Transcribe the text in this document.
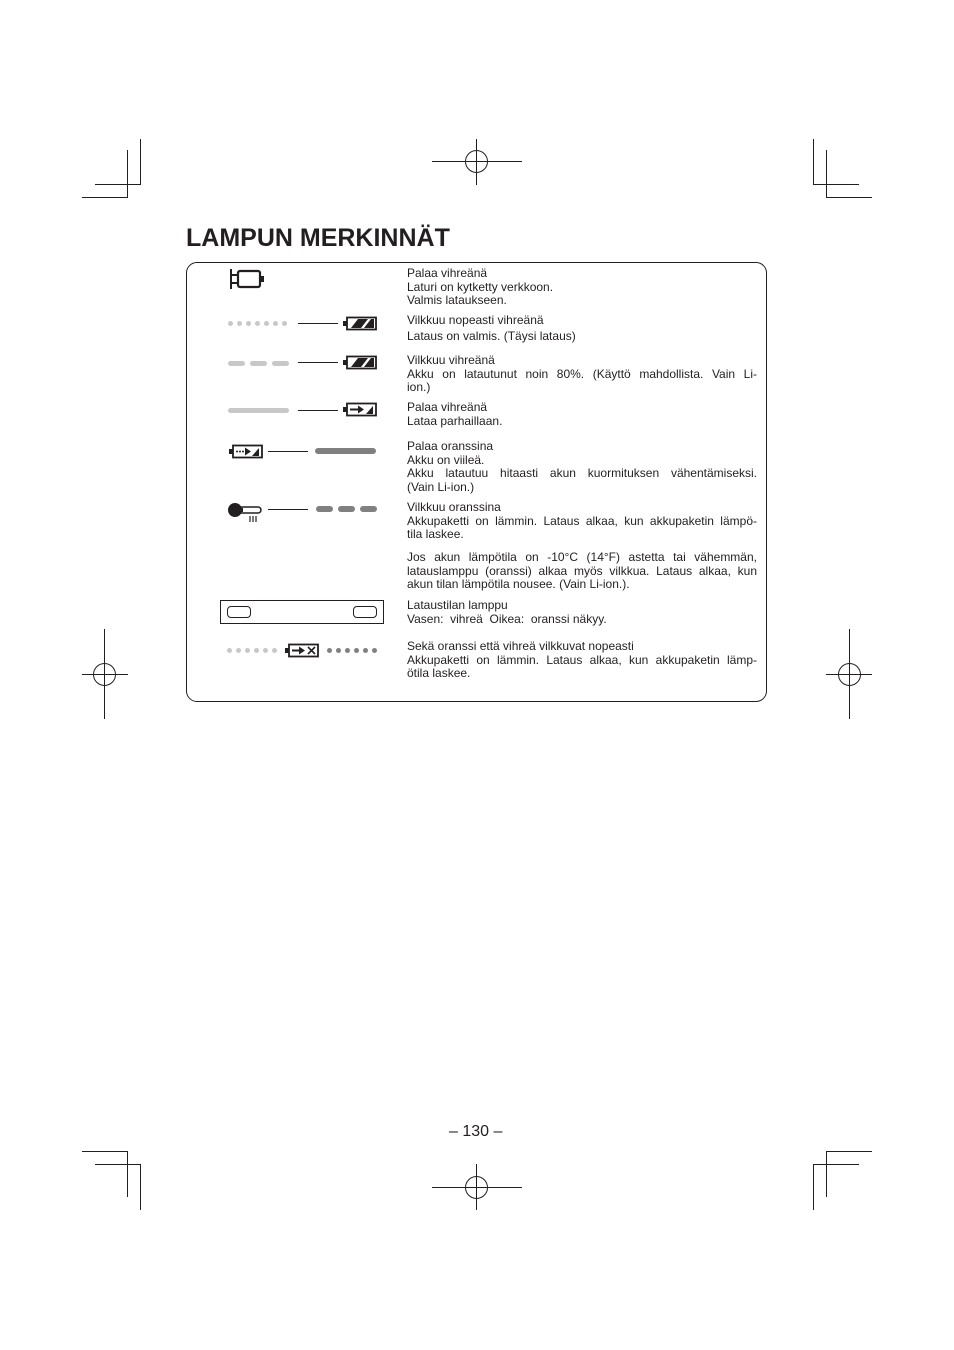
LAMPUN MERKINNÄT
Palaa vihreänä
Laturi on kytketty verkkoon.
Valmis lataukseen.
Vilkkuu nopeasti vihreänä
Lataus on valmis. (Täysi lataus)
Vilkkuu vihreänä
Akku on latautunut noin 80%. (Käyttö mahdollista. Vain Li-
ion.)
Palaa vihreänä
Lataa parhaillaan.
Palaa oranssina
Akku on viileä.
Akku latautuu hitaasti akun kuormituksen vähentämiseksi.
(Vain Li-ion.)
Vilkkuu oranssina
Akkupaketti on lämmin. Lataus alkaa, kun akkupaketin lämpö-
tila laskee.
Jos akun lämpötila on -10°C (14°F) astetta tai vähemmän,
latauslamppu (oranssi) alkaa myös vilkkua. Lataus alkaa, kun
akun tilan lämpötila nousee. (Vain Li-ion.).
Lataustilan lamppu
Vasen:  vihreä  Oikea:  oranssi näkyy.
Sekä oranssi että vihreä vilkkuvat nopeasti
Akkupaketti on lämmin. Lataus alkaa, kun akkupaketin lämp-
ötila laskee.
– 130 –
